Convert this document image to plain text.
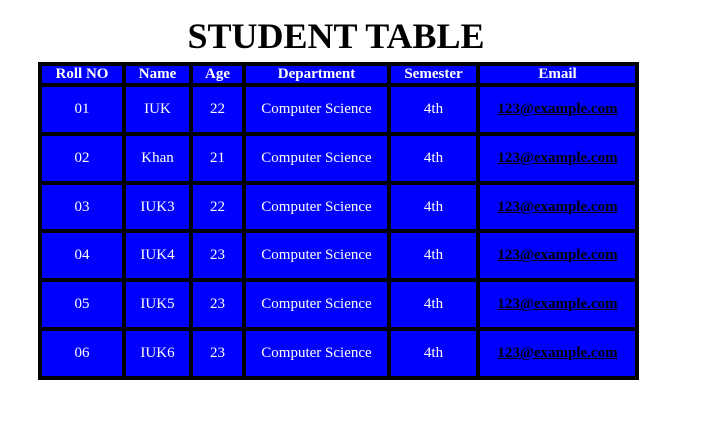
STUDENT TABLE
Roll NO	Name	Age	Department	Semester	Email
01	IUK	22	Computer Science	4th	123@example.com
02	Khan	21	Computer Science	4th	123@example.com
03	IUK3	22	Computer Science	4th	123@example.com
04	IUK4	23	Computer Science	4th	123@example.com
05	IUK5	23	Computer Science	4th	123@example.com
06	IUK6	23	Computer Science	4th	123@example.com
